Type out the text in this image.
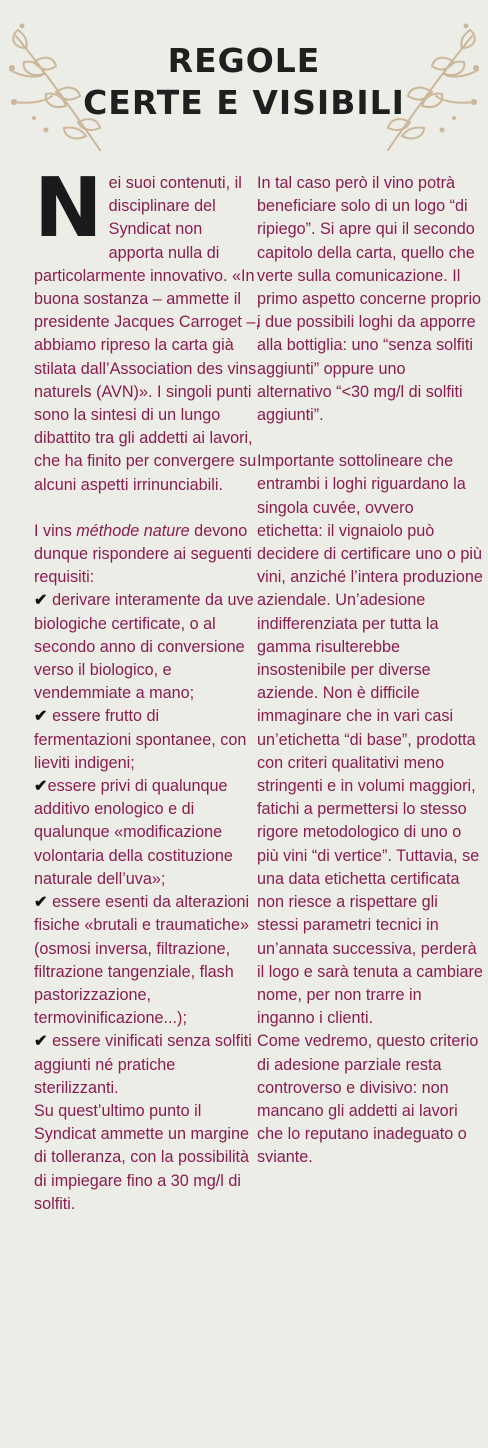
REGOLE
CERTE E VISIBILI

Nei suoi contenuti, il disciplinare del Syndicat non apporta nulla di particolarmente innovativo. «In buona sostanza – ammette il presidente Jacques Carroget –, abbiamo ripreso la carta già stilata dall’Association des vins naturels (AVN)». I singoli punti sono la sintesi di un lungo dibattito tra gli addetti ai lavori, che ha finito per convergere su alcuni aspetti irrinunciabili.

I vins méthode nature devono dunque rispondere ai seguenti requisiti:

✔ derivare interamente da uve biologiche certificate, o al secondo anno di conversione verso il biologico, e vendemmiate a mano;

✔ essere frutto di fermentazioni spontanee, con lieviti indigeni;

✔essere privi di qualunque additivo enologico e di qualunque «modificazione volontaria della costituzione naturale dell’uva»;

✔ essere esenti da alterazioni fisiche «brutali e traumatiche» (osmosi inversa, filtrazione, filtrazione tangenziale, flash pastorizzazione, termovinificazione...);

✔ essere vinificati senza solfiti aggiunti né pratiche sterilizzanti.

Su quest’ultimo punto il Syndicat ammette un margine di tolleranza, con la possibilità di impiegare fino a 30 mg/l di solfiti.

In tal caso però il vino potrà beneficiare solo di un logo “di ripiego”. Si apre qui il secondo capitolo della carta, quello che verte sulla comunicazione. Il primo aspetto concerne proprio i due possibili loghi da apporre alla bottiglia: uno “senza solfiti aggiunti” oppure uno alternativo “<30 mg/l di solfiti aggiunti”.

Importante sottolineare che entrambi i loghi riguardano la singola cuvée, ovvero etichetta: il vignaiolo può decidere di certificare uno o più vini, anziché l’intera produzione aziendale. Un’adesione indifferenziata per tutta la gamma risulterebbe insostenibile per diverse aziende. Non è difficile immaginare che in vari casi un’etichetta “di base”, prodotta con criteri qualitativi meno stringenti e in volumi maggiori, fatichi a permettersi lo stesso rigore metodologico di uno o più vini “di vertice”. Tuttavia, se una data etichetta certificata non riesce a rispettare gli stessi parametri tecnici in un’annata successiva, perderà il logo e sarà tenuta a cambiare nome, per non trarre in inganno i clienti.

Come vedremo, questo criterio di adesione parziale resta controverso e divisivo: non mancano gli addetti ai lavori che lo reputano inadeguato o sviante.
